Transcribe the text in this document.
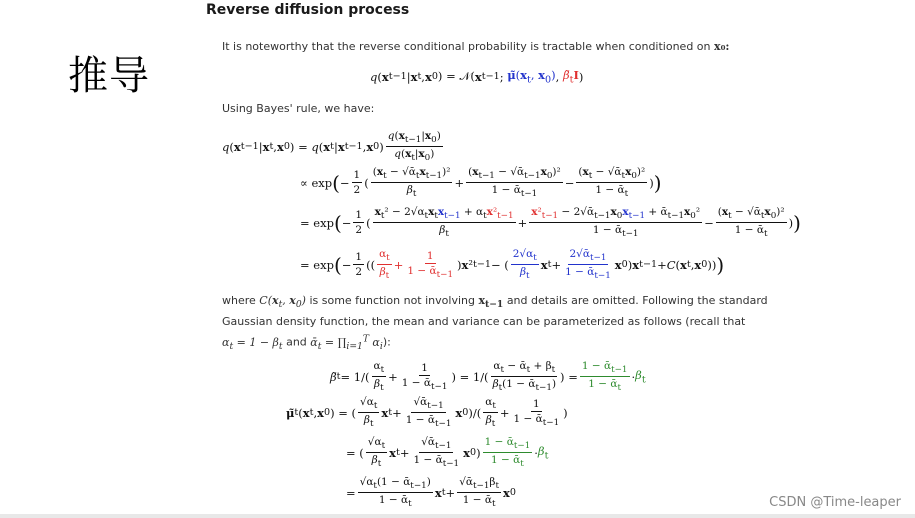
Reverse diffusion process
推导
It is noteworthy that the reverse conditional probability is tractable when conditioned on x₀:
q ( x t−1 | x t , x 0 ) = 𝒩( x t−1 ; $\mũ(x_t$, $x_0$) , $\betã_tI$ )
Using Bayes' rule, we have:
q ( x t−1 | x t , x 0 ) = q ( x t | x t−1 , x 0 ) $\frac{q(x_{t-1}|x_0)}{q(x_t|x_0)}$
∝ exp ( − $\frac{1}{2}$ ( $\frac{(x_t - √ᾱ_tx_{t-1})^2}{\beta_t} + \frac{(x_{t-1} - √ᾱ_{t-1}x_0)^2}{1 - ᾱ_{t-1}} - \frac{(x_t - √ᾱ_tx_0)^2}{1 - ᾱ_t}$ ) )
= exp ( − $\frac{1}{2}$ ( $\frac{x_t^2 - 2√\alpha_tx_tx_{t-1} + \alpha_tx^2_{t-1}}{\beta_t} + \frac{x^2_{t-1} - 2√ᾱ_{t-1}x_0x_{t-1} + ᾱ_{t-1}x_0^2}{1 - ᾱ_{t-1}} - \frac{(x_t - √ᾱ_tx_0)^2}{1 - ᾱ_t}$ ) )
= exp ( − $\frac{1}{2}$ (( $\frac{\alpha_t}{\beta_t} + \frac{1}{1 - ᾱ_{t-1}}$ ) x ² t−1 − ( $\frac{2√\alpha_t}{\beta_t}$ x $t + \frac{2√ᾱ_{t-1}}{1 - ᾱ_{t-1}}$ x 0 ) x t−1 + C ( x t , x 0 )) )
where $C(x_t$, $x_0$) is some function not involving $x_{t-1}$ and details are omitted. Following the standard Gaussian density function, the mean and variance can be parameterized as follows (recall that
$\alpha_t = 1 - \beta_t$ and ᾱ$_t$ = $\prod_{i=1}^T$ $\alpha_i$):
β̃ $t = 1/( \frac{\alpha_t}{\beta_t} + \frac{1}{1 - ᾱ_{t-1}}$ ) = $1/( \frac{\alpha_t - ᾱ_t + \beta_t}{\beta_t(1 - ᾱ_{t-1})}$ ) = $\frac{1 - ᾱ_{t-1}}{1 - ᾱ_t} \cdot \beta_t$
μ̃ t ( x t , x 0 ) = ( $\frac{√\alpha_t}{\beta_t}$ x $t + \frac{√ᾱ_{t-1}}{1 - ᾱ_{t-1}}$ x 0 )/( $\frac{\alpha_t}{\beta_t} + \frac{1}{1 - ᾱ_{t-1}}$ )
= ( $\frac{√\alpha_t}{\beta_t}$ x $t + \frac{√ᾱ_{t-1}}{1 - ᾱ_{t-1}}$ x 0 ) $\frac{1 - ᾱ_{t-1}}{1 - ᾱ_t} \cdot \beta_t$
= $\frac{√\alpha_t(1 - ᾱ_{t-1})}{1 - ᾱ_t}$ x $t + \frac{√ᾱ_{t-1}\beta_t}{1 - ᾱ_t}$ x 0
CSDN @Time-leaper
